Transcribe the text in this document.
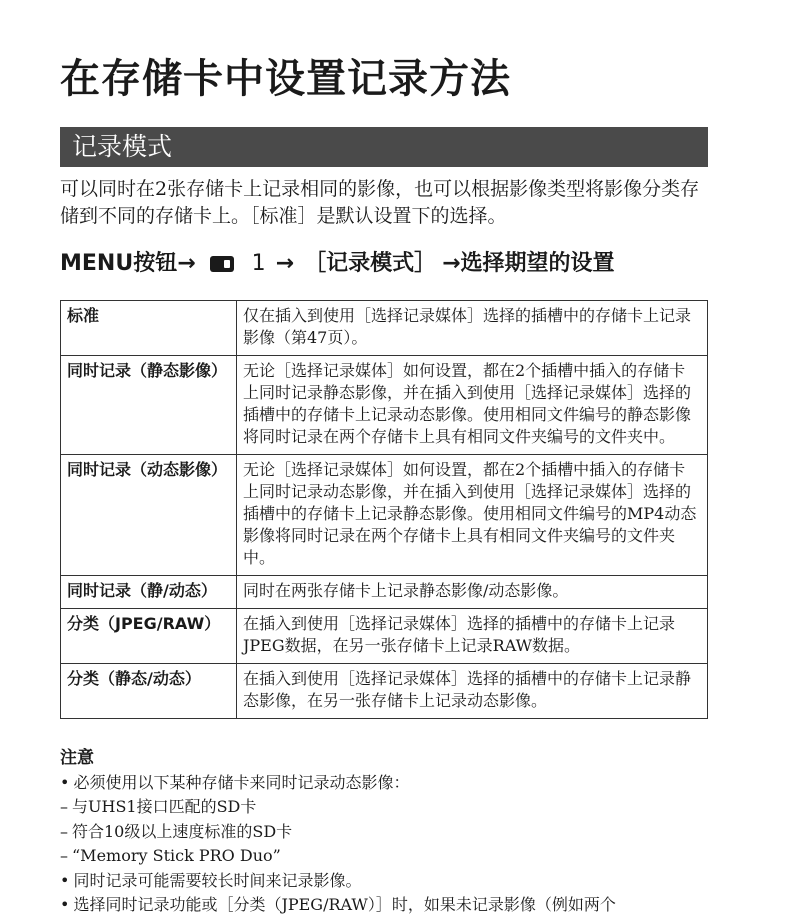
在存储卡中设置记录方法
记录模式

可以同时在2张存储卡上记录相同的影像，也可以根据影像类型将影像分类存储到不同的存储卡上。［标准］是默认设置下的选择。

MENU按钮→	1 → ［记录模式］ →选择期望的设置
标准	仅在插入到使用［选择记录媒体］选择的插槽中的存储卡上记录影像（第47页）。
同时记录（静态影像）	无论［选择记录媒体］如何设置，都在2个插槽中插入的存储卡上同时记录静态影像，并在插入到使用［选择记录媒体］选择的插槽中的存储卡上记录动态影像。使用相同文件编号的静态影像将同时记录在两个存储卡上具有相同文件夹编号的文件夹中。
同时记录（动态影像）	无论［选择记录媒体］如何设置，都在2个插槽中插入的存储卡上同时记录动态影像，并在插入到使用［选择记录媒体］选择的插槽中的存储卡上记录静态影像。使用相同文件编号的MP4动态影像将同时记录在两个存储卡上具有相同文件夹编号的文件夹中。
同时记录（静/动态）	同时在两张存储卡上记录静态影像/动态影像。
分类（JPEG/RAW）	在插入到使用［选择记录媒体］选择的插槽中的存储卡上记录JPEG数据，在另一张存储卡上记录RAW数据。
分类（静态/动态）	在插入到使用［选择记录媒体］选择的插槽中的存储卡上记录静态影像，在另一张存储卡上记录动态影像。
注意
• 必须使用以下某种存储卡来同时记录动态影像：
– 与UHS1接口匹配的SD卡
– 符合10级以上速度标准的SD卡
– “Memory Stick PRO Duo”
• 同时记录可能需要较长时间来记录影像。
• 选择同时记录功能或［分类（JPEG/RAW）］时，如果未记录影像（例如两个
